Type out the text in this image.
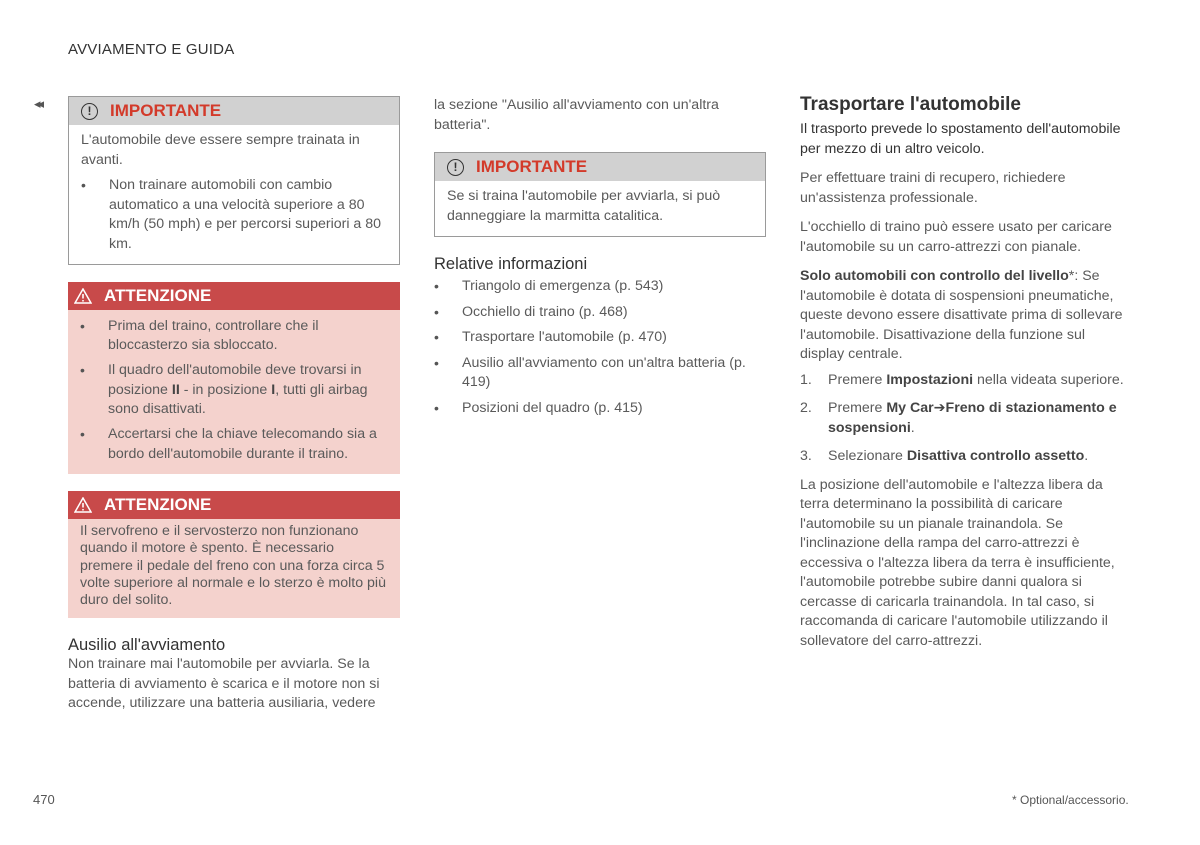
AVVIAMENTO E GUIDA
◂◂	!	IMPORTANTE

L'automobile deve essere sempre trainata in avanti.

• Non trainare automobili con cambio automatico a una velocità superiore a 80 km/h (50 mph) e per percorsi superiori a 80 km.
ATTENZIONE
• Prima del traino, controllare che il bloccasterzo sia sbloccato.
• Il quadro dell'automobile deve trovarsi in posizione II - in posizione I, tutti gli airbag sono disattivati.
• Accertarsi che la chiave telecomando sia a bordo dell'automobile durante il traino.
ATTENZIONE

Il servofreno e il servosterzo non funzionano quando il motore è spento. È necessario premere il pedale del freno con una forza circa 5 volte superiore al normale e lo sterzo è molto più duro del solito.

Ausilio all'avviamento

Non trainare mai l'automobile per avviarla. Se la batteria di avviamento è scarica e il motore non si accende, utilizzare una batteria ausiliaria, vedere

la sezione "Ausilio all'avviamento con un'altra batteria".

!	IMPORTANTE

Se si traina l'automobile per avviarla, si può danneggiare la marmitta catalitica.

Relative informazioni

• Triangolo di emergenza (p. 543)
• Occhiello di traino (p. 468)
• Trasportare l'automobile (p. 470)
• Ausilio all'avviamento con un'altra batteria (p. 419)
• Posizioni del quadro (p. 415)

Trasportare l'automobile

Il trasporto prevede lo spostamento dell'automobile per mezzo di un altro veicolo.

Per effettuare traini di recupero, richiedere un'assistenza professionale.

L'occhiello di traino può essere usato per caricare l'automobile su un carro-attrezzi con pianale.

Solo automobili con controllo del livello*: Se l'automobile è dotata di sospensioni pneumatiche, queste devono essere disattivate prima di sollevare l'automobile. Disattivazione della funzione sul display centrale.

1. Premere Impostazioni nella videata superiore.
2. Premere My Car➔Freno di stazionamento e sospensioni.
3. Selezionare Disattiva controllo assetto.

La posizione dell'automobile e l'altezza libera da terra determinano la possibilità di caricare l'automobile su un pianale trainandola. Se l'inclinazione della rampa del carro-attrezzi è eccessiva o l'altezza libera da terra è insufficiente, l'automobile potrebbe subire danni qualora si cercasse di caricarla trainandola. In tal caso, si raccomanda di caricare l'automobile utilizzando il sollevatore del carro-attrezzi.

470	* Optional/accessorio.
